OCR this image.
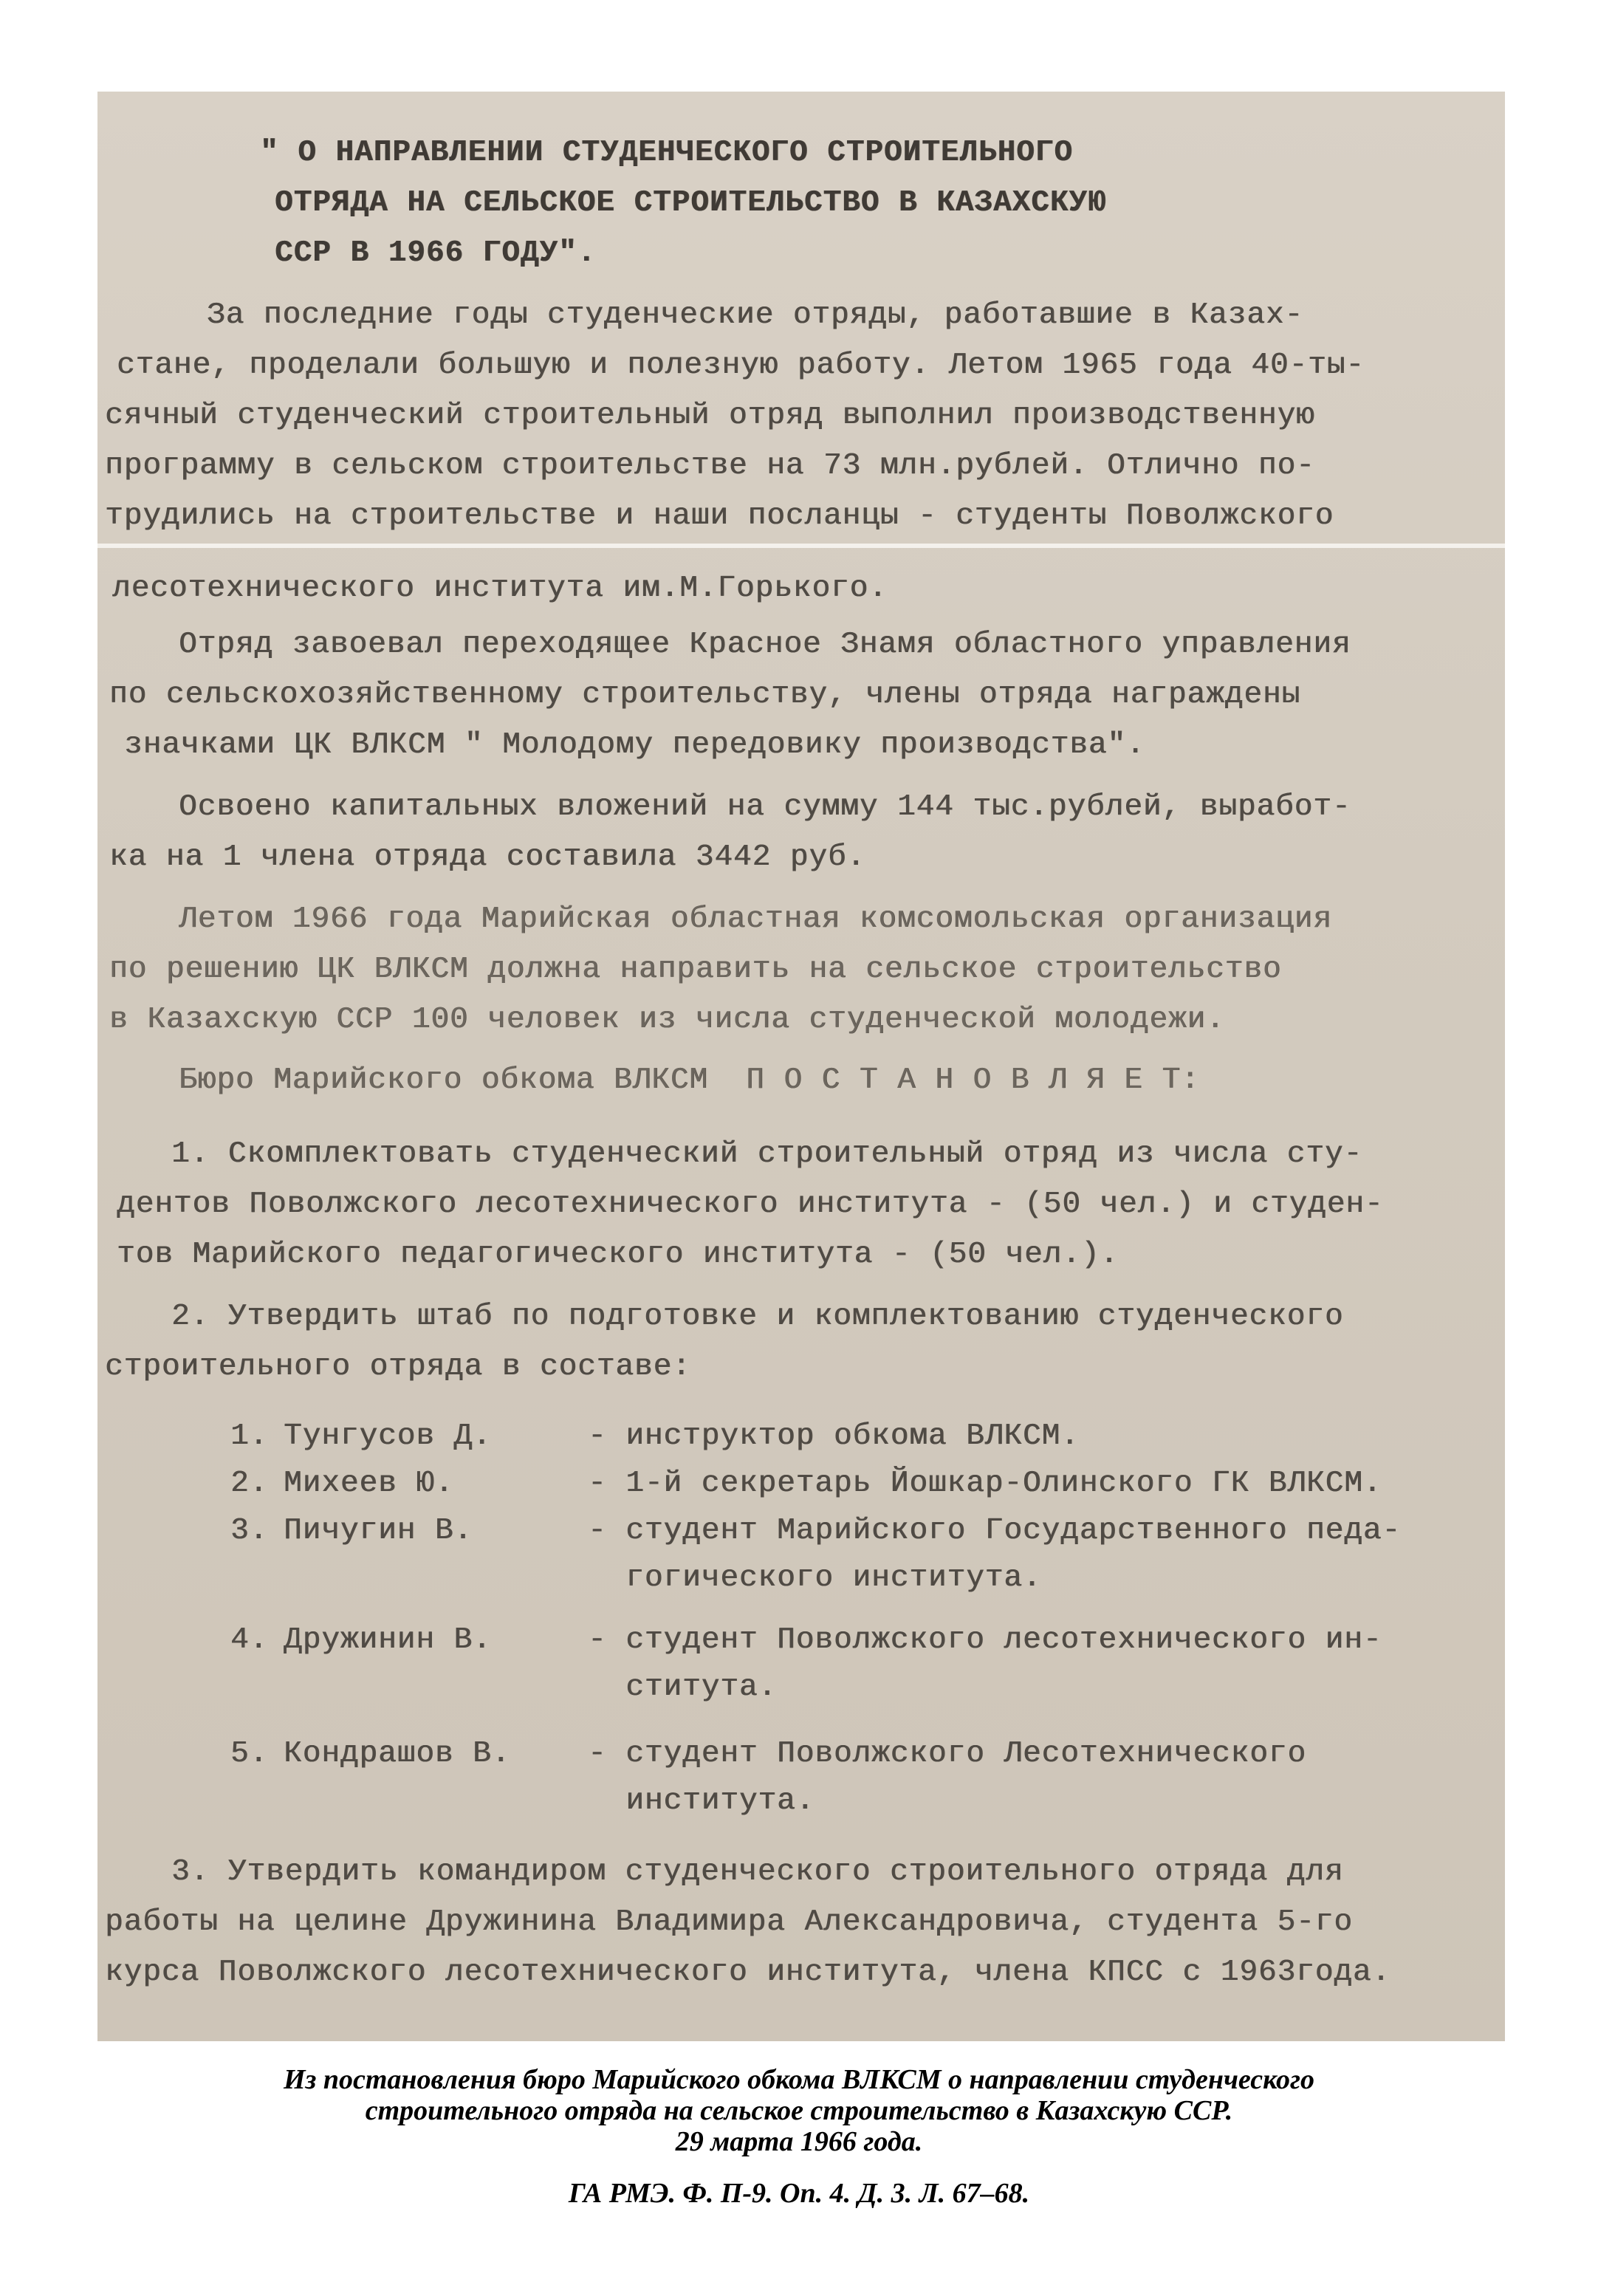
" О НАПРАВЛЕНИИ СТУДЕНЧЕСКОГО СТРОИТЕЛЬНОГО
ОТРЯДА НА СЕЛЬСКОЕ СТРОИТЕЛЬСТВО В КАЗАХСКУЮ
ССР В 1966 ГОДУ".
За последние годы студенческие отряды, работавшие в Казах-
стане, проделали большую и полезную работу. Летом 1965 года 40-ты-
сячный студенческий строительный отряд выполнил производственную
программу в сельском строительстве на 73 млн.рублей. Отлично по-
трудились на строительстве и наши посланцы - студенты Поволжского
лесотехнического института им.М.Горького.
Отряд завоевал переходящее Красное Знамя областного управления
по сельскохозяйственному строительству, члены отряда награждены
значками ЦК ВЛКСМ " Молодому передовику производства".
Освоено капитальных вложений на сумму 144 тыс.рублей, выработ-
ка на 1 члена отряда составила 3442 руб.
Летом 1966 года Марийская областная комсомольская организация
по решению ЦК ВЛКСМ должна направить на сельское строительство
в Казахскую ССР 100 человек из числа студенческой молодежи.
Бюро Марийского обкома ВЛКСМ  П О С Т А Н О В Л Я Е Т:
1. Скомплектовать студенческий строительный отряд из числа сту-
дентов Поволжского лесотехнического института - (50 чел.) и студен-
тов Марийского педагогического института - (50 чел.).
2. Утвердить штаб по подготовке и комплектованию студенческого
строительного отряда в составе:
1. Тунгусов Д.	- инструктор обкома ВЛКСМ.
2. Михеев Ю.	- 1-й секретарь Йошкар-Олинского ГК ВЛКСМ.
3. Пичугин В.	- студент Марийского Государственного педа-
гогического института.
4. Дружинин В.	- студент Поволжского лесотехнического ин-
ститута.
5. Кондрашов В.	- студент Поволжского Лесотехнического
института.
3. Утвердить командиром студенческого строительного отряда для
работы на целине Дружинина Владимира Александровича, студента 5-го
курса Поволжского лесотехнического института, члена КПСС с 1963года.
Из постановления бюро Марийского обкома ВЛКСМ о направлении студенческого
строительного отряда на сельское строительство в Казахскую ССР.
29 марта 1966 года.
ГА РМЭ. Ф. П-9. Оп. 4. Д. 3. Л. 67–68.
